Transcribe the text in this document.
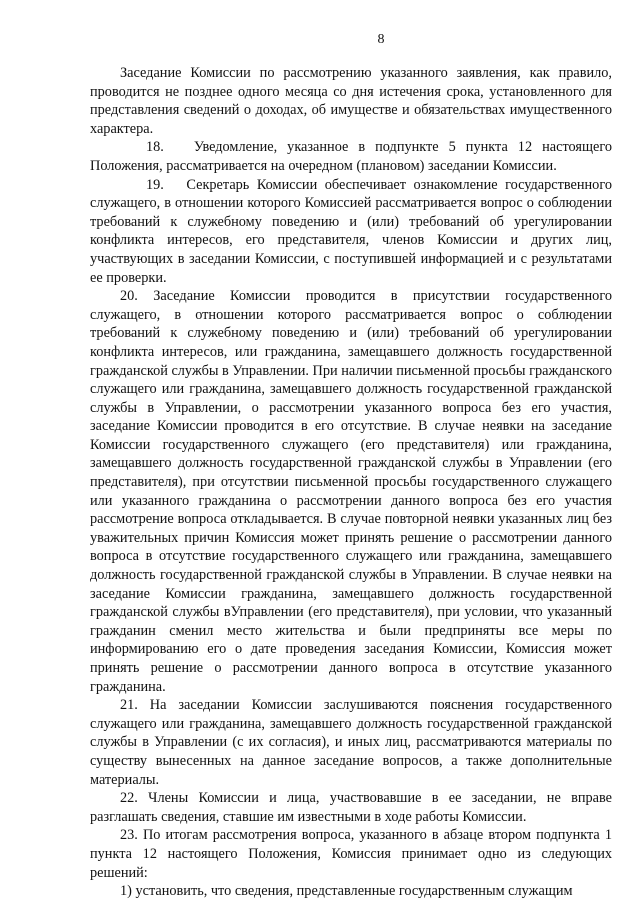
8

Заседание Комиссии по рассмотрению указанного заявления, как правило, проводится не позднее одного месяца со дня истечения срока, установленного для представления сведений о доходах, об имуществе и обязательствах имущественного характера.

18.   Уведомление, указанное в подпункте 5 пункта 12 настоящего Положения, рассматривается на очередном (плановом) заседании Комиссии.

19.   Секретарь Комиссии обеспечивает ознакомление государственного служащего, в отношении которого Комиссией рассматривается вопрос о соблюдении требований к служебному поведению и (или) требований об урегулировании конфликта интересов, его представителя, членов Комиссии и других лиц, участвующих в заседании Комиссии, с поступившей информацией и с результатами ее проверки.

20. Заседание Комиссии проводится в присутствии государственного служащего, в отношении которого рассматривается вопрос о соблюдении требований к служебному поведению и (или) требований об урегулировании конфликта интересов, или гражданина, замещавшего должность государственной гражданской службы в Управлении. При наличии письменной просьбы гражданского служащего или гражданина, замещавшего должность государственной гражданской службы в Управлении, о рассмотрении указанного вопроса без его участия, заседание Комиссии проводится в его отсутствие. В случае неявки на заседание Комиссии государственного служащего (его представителя) или гражданина, замещавшего должность государственной гражданской службы в Управлении (его представителя), при отсутствии письменной просьбы государственного служащего или указанного гражданина о рассмотрении данного вопроса без его участия рассмотрение вопроса откладывается. В случае повторной неявки указанных лиц без уважительных причин Комиссия может принять решение о рассмотрении данного вопроса в отсутствие государственного служащего или гражданина, замещавшего должность государственной гражданской службы в Управлении. В случае неявки на заседание Комиссии гражданина, замещавшего должность государственной гражданской службы вУправлении (его представителя), при условии, что указанный гражданин сменил место жительства и были предприняты все меры по информированию его о дате проведения заседания Комиссии, Комиссия может принять решение о рассмотрении данного вопроса в отсутствие указанного гражданина.

21. На заседании Комиссии заслушиваются пояснения государственного служащего или гражданина, замещавшего должность государственной гражданской службы в Управлении (с их согласия), и иных лиц, рассматриваются материалы по существу вынесенных на данное заседание вопросов, а также дополнительные материалы.

22. Члены Комиссии и лица, участвовавшие в ее заседании, не вправе разглашать сведения, ставшие им известными в ходе работы Комиссии.

23. По итогам рассмотрения вопроса, указанного в абзаце втором подпункта 1 пункта 12 настоящего Положения, Комиссия принимает одно из следующих решений:

1) установить, что сведения, представленные государственным служащим
